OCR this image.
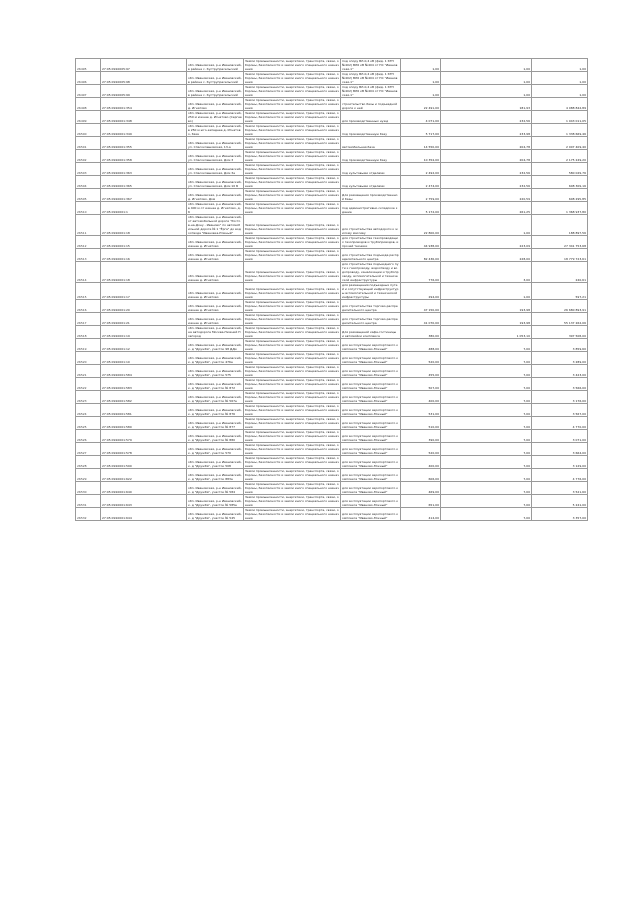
26495	27:05:0910005:97	обл. Ивановская, р-н Ивановский, в районе с. Куструпрасельский	Земли промышленности, энергетики, транспорта, связи, обороны, безопасности и земли иного специального назначения	под опору ВЛ-0,4 кВ (фид. 1 КТП №402) ВЛ6 кВ №404 от ПС "Ивановская-1"	1,00	1,00	1,00
26496	27:05:0910005:98	обл. Ивановская, р-н Ивановский, в районе с. Куструпрасельский	Земли промышленности, энергетики, транспорта, связи, обороны, безопасности и земли иного специального назначения	под опору ВЛ-0,4 кВ (фид. 1 КТП №402) ВЛ6 кВ №404 от ПС "Ивановская-1"	1,00	1,00	1,00
26497	27:05:0910005:99	обл. Ивановская, р-н Ивановский, в районе с. Куструпрасельский	Земли промышленности, энергетики, транспорта, связи, обороны, безопасности и земли иного специального назначения	под опору ВЛ-0,4 кВ (фид. 1 КТП №402) ВЛ6 кВ №404 от ПС "Ивановская-1"	1,00	1,00	1,00
26498	27:05:0910001:354	обл. Ивановская, р-н Ивановский, д. Игнатово	Земли промышленности, энергетики, транспорта, связи, обороны, безопасности и земли иного специального назначения	строительство базы и подъездной дороги к ней	22 491,00	181,93	4 088 842,89
26499	27:05:0910001:348	обл. Ивановская, р-н Ивановский, 250 м южнее д. Игнатово (Сергеево)	Земли промышленности, энергетики, транспорта, связи, обороны, безопасности и земли иного специального назначения	для производственных нужд	4 071,00	232,56	1 043 011,05
26500	27:05:0910001:349	обл. Ивановская, р-н Ивановский, в 250 м юго-западнее д. Игнатово, база	Земли промышленности, энергетики, транспорта, связи, обороны, безопасности и земли иного специального назначения	под производственную базу	5 717,00	233,98	1 338 669,46
26501	27:05:0910001:355	обл. Ивановская, р-н Ивановский, ул. Спасоклешовская, 13-а	Земли промышленности, энергетики, транспорта, связи, обороны, безопасности и земли иного специального назначения	Автомобильная база	14 550,00	204,78	2 007 409,40
26502	27:05:0910001:358	обл. Ивановская, р-н Ивановский, ул. Спасоклешовская, Дом 3	Земли промышленности, энергетики, транспорта, связи, обороны, безопасности и земли иного специального назначения	под производственную базу	10 354,00	204,78	2 175 249,20
26503	27:05:0910001:363	обл. Ивановская, р-н Ивановский, ул. Спасоклешовская, Дом 3е	Земли промышленности, энергетики, транспорта, связи, обороны, безопасности и земли иного специального назначения	под культовыми отделами	2 492,00	232,56	580 029,76
26504	27:05:0910001:365	обл. Ивановская, р-н Ивановский, ул. Спасоклешовская, Дом 10 Б	Земли промышленности, энергетики, транспорта, связи, обороны, безопасности и земли иного специального назначения	под культовыми отделами	2 474,00	232,56	608 309,16
26505	27:05:0910001:367	обл. Ивановская, р-н Ивановский, д. Игнатово, Дом	Земли промышленности, энергетики, транспорта, связи, обороны, безопасности и земли иного специального назначения	Для размещения производственной базы	2 759,00	220,59	608 295,85
26510	27:05:0910001:1	обл. Ивановская, р-н Ивановский, в 400 м от южнее д. Игнатово, д. 6	Земли промышленности, энергетики, транспорта, связи, обороны, безопасности и земли иного специального назначения	под административно-складское здание	5 172,00	261,25	1 368 937,80
26511	27:05:0910001:18	обл. Ивановская, р-н Ивановский, от автомобильной дороги "Ростов-на-Дону - Иваново" по автомобильной дороге № 1 "Ёрга" до водоотвода "Ивановка-Южный"	Земли промышленности, энергетики, транспорта, связи, обороны, безопасности и земли иного специального назначения	для строительства автодороги к жилому массиву	22 800,00	1,00	188 897,56
26512	27:05:0910001:15	обл. Ивановская, р-н Ивановский, южнее д. Игнатово	Земли промышленности, энергетики, транспорта, связи, обороны, безопасности и земли иного специального назначения	для строительства газопроводящих газопроводов и трубопроводов, и прочей техники	44 938,00	223,09	27 341 753,68
26513	27:05:0910001:16	обл. Ивановская, р-н Ивановский, южнее д. Игнатово	Земли промышленности, энергетики, транспорта, связи, обороны, безопасности и земли иного специального назначения	для строительства подъезда распределительного центра	82 436,00	228,00	18 779 723,61
26514	27:05:0910001:18	обл. Ивановская, р-н Ивановский, южнее д. Игнатово	Земли промышленности, энергетики, транспорта, связи, обороны, безопасности и земли иного специального назначения	для строительства подъездного пути к газопроводу, водоотводу и водопроводу, канализации и трубопроводу, вспомогательной и технической инфраструктуры	776,00	3,00	240,61
26515	27:05:0910001:17	обл. Ивановская, р-н Ивановский, южнее д. Игнатово	Земли промышленности, энергетики, транспорта, связи, обороны, безопасности и земли иного специального назначения	для размещения подъездных путей и сопутствующей инфраструктуры вспомогательной и технической инфраструктуры	294,00	1,00	597,21
26516	27:05:0910001:20	обл. Ивановская, р-н Ивановский, южнее д. Игнатово	Земли промышленности, энергетики, транспорта, связи, обороны, безопасности и земли иного специального назначения	для строительства торгово-распределительного центра	47 150,00	193,98	26 680 893,91
26517	27:05:0910001:21	обл. Ивановская, р-н Ивановский, южнее д. Игнатово	Земли промышленности, энергетики, транспорта, связи, обороны, безопасности и земли иного специального назначения	для строительства торгово-распределительного центра	41 070,00	193,98	55 137 262,06
26518	27:05:0910001:19	обл. Ивановская, р-н Ивановский, на автодороге Москва-Нижний Новгород	Земли промышленности, энергетики, транспорта, связи, обороны, безопасности и земли иного специального назначения	Для размещений кафе-гостиницы и автомойки комплекса	380,00	1 053,10	397 508,00
26519	27:05:0910001:12	обл. Ивановская, р-н Ивановский, к. д "Дружба", участок 98 ДДи	Земли промышленности, энергетики, транспорта, связи, обороны, безопасности и земли иного специального назначения	для эксплуатации аэропортового комплекса "Иваново-Южный"	488,00	7,00	3 859,60
26520	27:05:0910001:10	обл. Ивановская, р-н Ивановский, к. д "Дружба", участок 476е	Земли промышленности, энергетики, транспорта, связи, обороны, безопасности и земли иного специального назначения	для эксплуатации аэропортового комплекса "Иваново-Южный"	520,00	7,00	3 289,00
26521	27:05:0910001:584	обл. Ивановская, р-н Ивановский, к. д "Дружба", участок 575	Земли промышленности, энергетики, транспорта, связи, обороны, безопасности и земли иного специального назначения	для эксплуатации аэропортового комплекса "Иваново-Южный"	455,00	7,00	3 423,00
26522	27:05:0910001:583	обл. Ивановская, р-н Ивановский, к. д "Дружба", участок № 872	Земли промышленности, энергетики, транспорта, связи, обороны, безопасности и земли иного специального назначения	для эксплуатации аэропортового комплекса "Иваново-Южный"	507,00	7,00	3 566,00
26523	27:05:0910001:582	обл. Ивановская, р-н Ивановский, к. д "Дружба", участок № 567е	Земли промышленности, энергетики, транспорта, связи, обороны, безопасности и земли иного специального назначения	для эксплуатации аэропортового комплекса "Иваново-Южный"	400,00	7,00	3 176,00
26524	27:05:0910001:581	обл. Ивановская, р-н Ивановский, к. д "Дружба", участок № 876	Земли промышленности, энергетики, транспорта, связи, обороны, безопасности и земли иного специального назначения	для эксплуатации аэропортового комплекса "Иваново-Южный"	531,00	7,00	3 567,00
26525	27:05:0910001:580	обл. Ивановская, р-н Ивановский, к. д "Дружба", участок № 877	Земли промышленности, энергетики, транспорта, связи, обороны, безопасности и земли иного специального назначения	для эксплуатации аэропортового комплекса "Иваново-Южный"	510,00	7,00	4 770,00
26526	27:05:0910001:579	обл. Ивановская, р-н Ивановский, к. д "Дружба", участок № 880	Земли промышленности, энергетики, транспорта, связи, обороны, безопасности и земли иного специального назначения	для эксплуатации аэропортового комплекса "Иваново-Южный"	390,00	7,00	3 071,00
26527	27:05:0910001:578	обл. Ивановская, р-н Ивановский, к. д "Дружба", участок 570	Земли промышленности, энергетики, транспорта, связи, обороны, безопасности и земли иного специального назначения	для эксплуатации аэропортового комплекса "Иваново-Южный"	520,00	7,00	3 664,00
26528	27:05:0910001:590	обл. Ивановская, р-н Ивановский, к. д "Дружба", участок 508	Земли промышленности, энергетики, транспорта, связи, обороны, безопасности и земли иного специального назначения	для эксплуатации аэропортового комплекса "Иваново-Южный"	400,00	7,00	3 129,00
26529	27:05:0910001:622	обл. Ивановская, р-н Ивановский, к. д "Дружба", участок 883е	Земли промышленности, энергетики, транспорта, связи, обороны, безопасности и земли иного специального назначения	для эксплуатации аэропортового комплекса "Иваново-Южный"	606,00	7,00	4 776,00
26530	27:05:0910001:640	обл. Ивановская, р-н Ивановский, к. д "Дружба", участок № 584	Земли промышленности, энергетики, транспорта, связи, обороны, безопасности и земли иного специального назначения	для эксплуатации аэропортового комплекса "Иваново-Южный"	469,00	7,00	3 521,60
26531	27:05:0910001:643	обл. Ивановская, р-н Ивановский, к. д "Дружба", участок № 585е	Земли промышленности, энергетики, транспорта, связи, обороны, безопасности и земли иного специального назначения	для эксплуатации аэропортового комплекса "Иваново-Южный"	651,00	7,00	5 241,00
26532	27:05:0910001:644	обл. Ивановская, р-н Ивановский, к. д "Дружба", участок № 545	Земли промышленности, энергетики, транспорта, связи, обороны, безопасности и земли иного специального назначения	для эксплуатации аэропортового комплекса "Иваново-Южный"	414,00	7,00	3 357,00
